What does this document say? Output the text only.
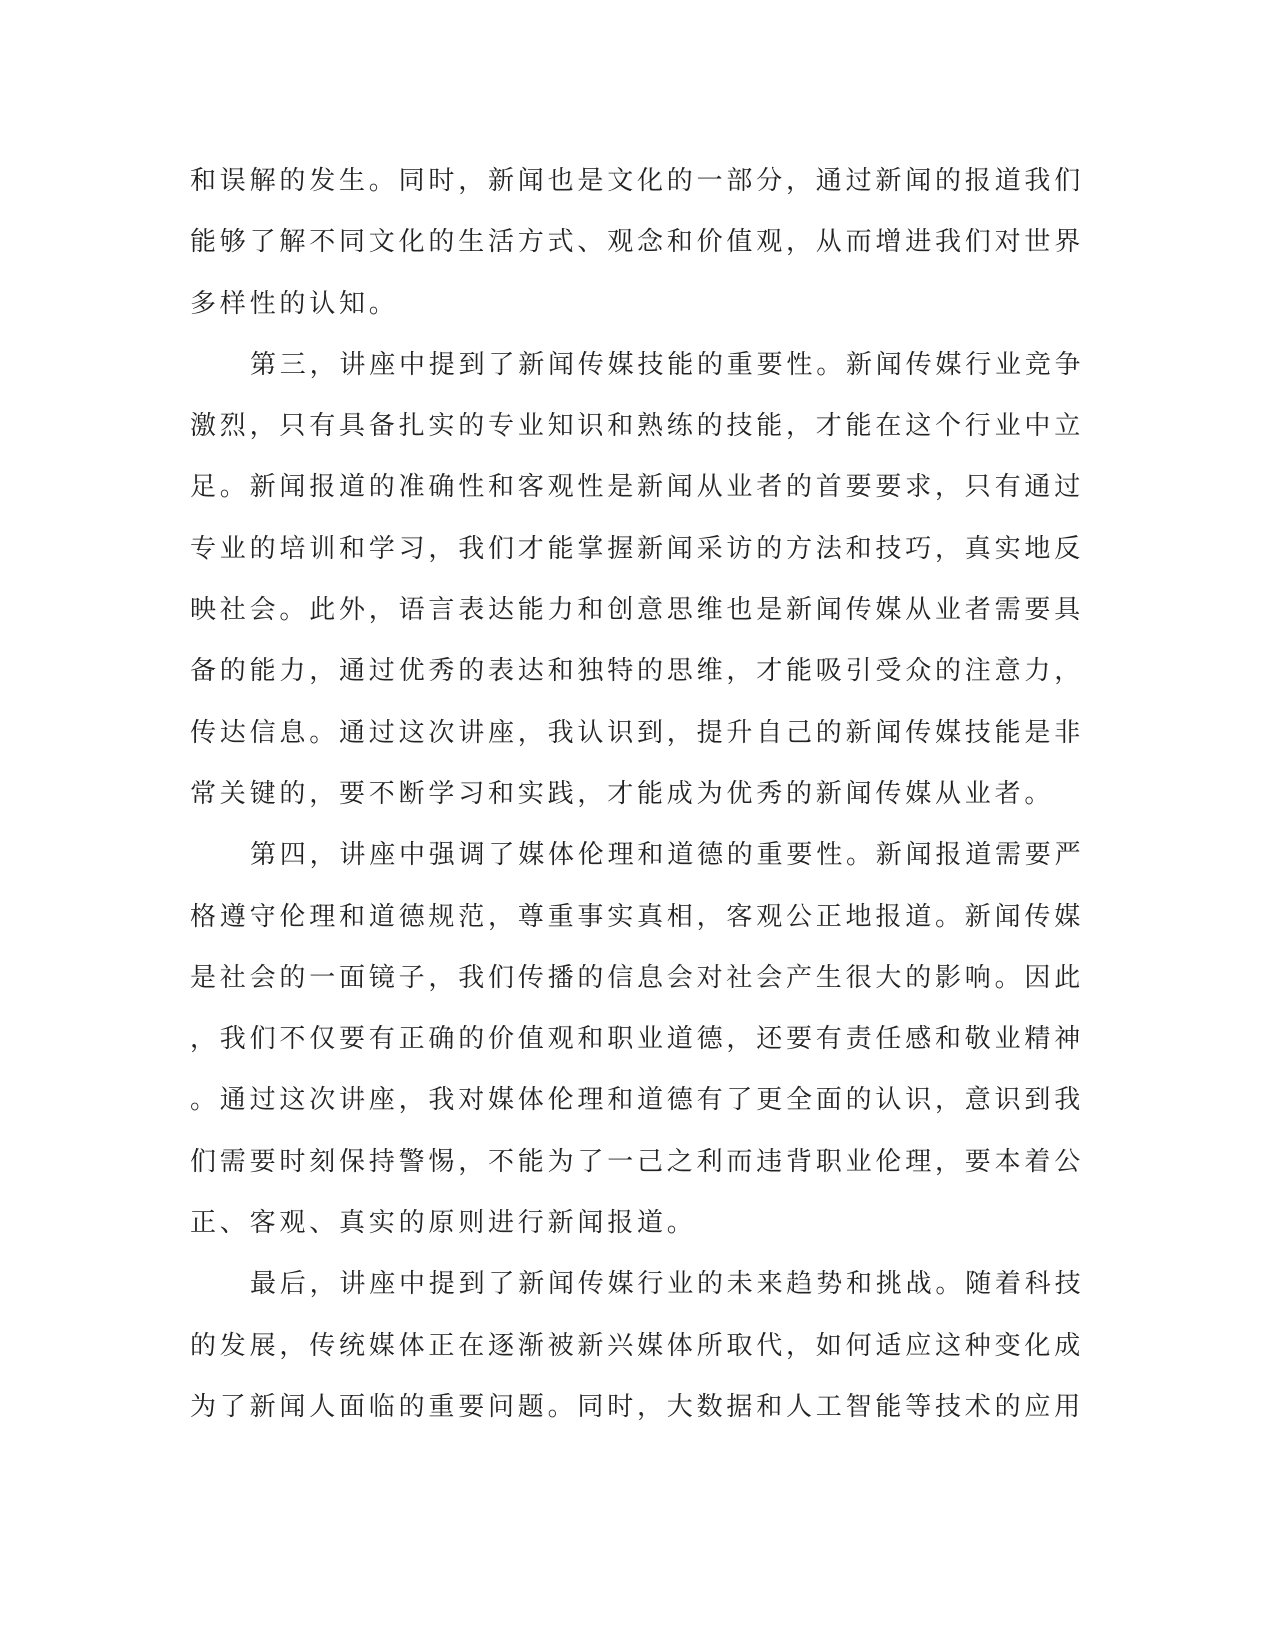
和误解的发生。同时，新闻也是文化的一部分，通过新闻的报道我们
能够了解不同文化的生活方式、观念和价值观，从而增进我们对世界
多样性的认知。
第三，讲座中提到了新闻传媒技能的重要性。新闻传媒行业竞争
激烈，只有具备扎实的专业知识和熟练的技能，才能在这个行业中立
足。新闻报道的准确性和客观性是新闻从业者的首要要求，只有通过
专业的培训和学习，我们才能掌握新闻采访的方法和技巧，真实地反
映社会。此外，语言表达能力和创意思维也是新闻传媒从业者需要具
备的能力，通过优秀的表达和独特的思维，才能吸引受众的注意力，
传达信息。通过这次讲座，我认识到，提升自己的新闻传媒技能是非
常关键的，要不断学习和实践，才能成为优秀的新闻传媒从业者。
第四，讲座中强调了媒体伦理和道德的重要性。新闻报道需要严
格遵守伦理和道德规范，尊重事实真相，客观公正地报道。新闻传媒
是社会的一面镜子，我们传播的信息会对社会产生很大的影响。因此
，我们不仅要有正确的价值观和职业道德，还要有责任感和敬业精神
。通过这次讲座，我对媒体伦理和道德有了更全面的认识，意识到我
们需要时刻保持警惕，不能为了一己之利而违背职业伦理，要本着公
正、客观、真实的原则进行新闻报道。
最后，讲座中提到了新闻传媒行业的未来趋势和挑战。随着科技
的发展，传统媒体正在逐渐被新兴媒体所取代，如何适应这种变化成
为了新闻人面临的重要问题。同时，大数据和人工智能等技术的应用
